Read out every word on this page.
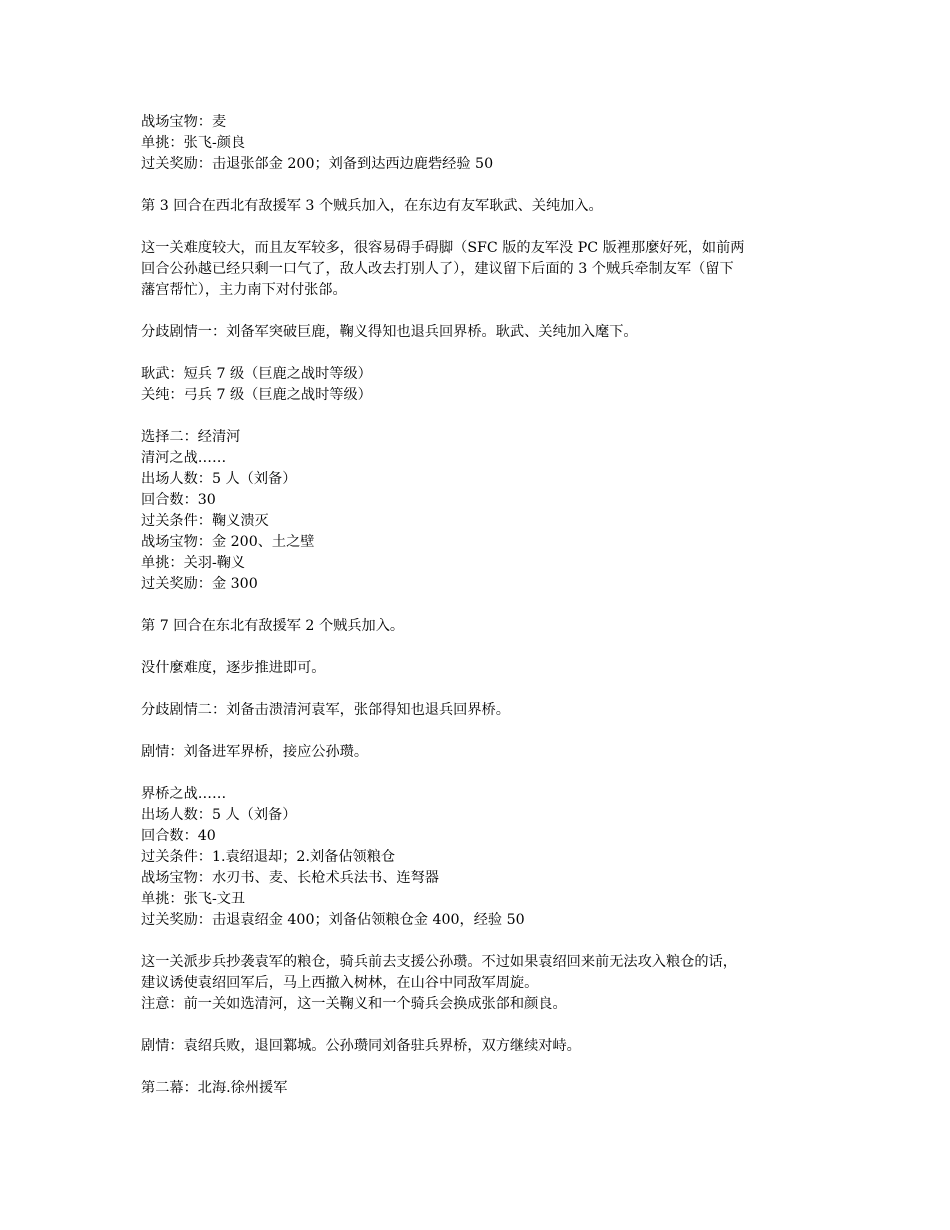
战场宝物：麦
单挑：张飞-颜良
过关奖励：击退张郃金 200；刘备到达西边鹿砦经验 50
第 3 回合在西北有敌援军 3 个贼兵加入，在东边有友军耿武、关纯加入。
这一关难度较大，而且友军较多，很容易碍手碍脚（SFC 版的友军没 PC 版裡那麼好死，如前两
回合公孙越已经只剩一口气了，敌人改去打别人了），建议留下后面的 3 个贼兵牵制友军（留下
藩宫帮忙），主力南下对付张郃。
分歧剧情一：刘备军突破巨鹿，鞠义得知也退兵回界桥。耿武、关纯加入麾下。
耿武：短兵 7 级（巨鹿之战时等级）
关纯：弓兵 7 级（巨鹿之战时等级）
选择二：经清河
清河之战……
出场人数：5 人（刘备）
回合数：30
过关条件：鞠义溃灭
战场宝物：金 200、土之壁
单挑：关羽-鞠义
过关奖励：金 300
第 7 回合在东北有敌援军 2 个贼兵加入。
没什麼难度，逐步推进即可。
分歧剧情二：刘备击溃清河袁军，张郃得知也退兵回界桥。
剧情：刘备进军界桥，接应公孙瓒。
界桥之战……
出场人数：5 人（刘备）
回合数：40
过关条件：1.袁绍退却；2.刘备佔领粮仓
战场宝物：水刃书、麦、长枪术兵法书、连弩器
单挑：张飞-文丑
过关奖励：击退袁绍金 400；刘备佔领粮仓金 400，经验 50
这一关派步兵抄袭袁军的粮仓，骑兵前去支援公孙瓒。不过如果袁绍回来前无法攻入粮仓的话，
建议诱使袁绍回军后，马上西撤入树林，在山谷中同敌军周旋。
注意：前一关如选清河，这一关鞠义和一个骑兵会换成张郃和颜良。
剧情：袁绍兵败，退回鄴城。公孙瓒同刘备驻兵界桥，双方继续对峙。
第二幕：北海.徐州援军
